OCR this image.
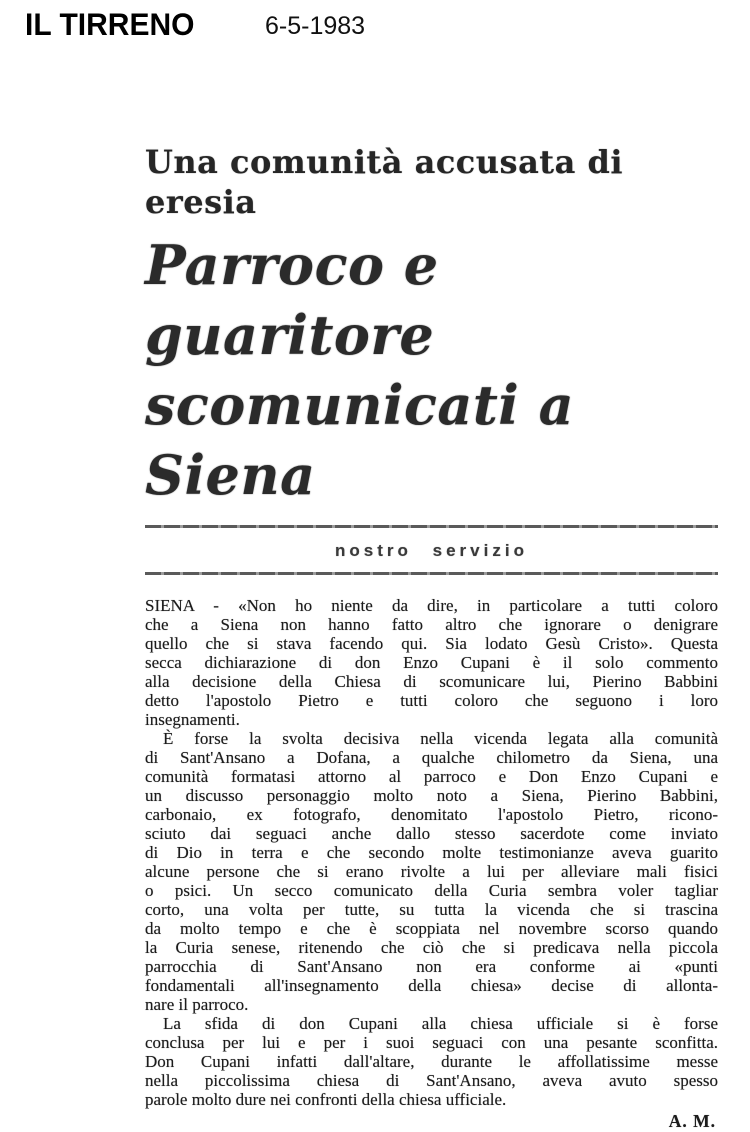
IL TIRRENO	6-5-1983
Una comunità accusata di eresia
Parroco e guaritore
scomunicati a Siena
nostro servizio

SIENA - «Non ho niente da dire, in particolare a tutti coloro
che a Siena non hanno fatto altro che ignorare o denigrare
quello che si stava facendo qui. Sia lodato Gesù Cristo». Questa
secca dichiarazione di don Enzo Cupani è il solo commento
alla decisione della Chiesa di scomunicare lui, Pierino Babbini
detto l'apostolo Pietro e tutti coloro che seguono i loro
insegnamenti.

È forse la svolta decisiva nella vicenda legata alla comunità
di Sant'Ansano a Dofana, a qualche chilometro da Siena, una
comunità formatasi attorno al parroco e Don Enzo Cupani e
un discusso personaggio molto noto a Siena, Pierino Babbini,
carbonaio, ex fotografo, denomitato l'apostolo Pietro, ricono-
sciuto dai seguaci anche dallo stesso sacerdote come inviato
di Dio in terra e che secondo molte testimonianze aveva guarito
alcune persone che si erano rivolte a lui per alleviare mali fisici
o psici. Un secco comunicato della Curia sembra voler tagliar
corto, una volta per tutte, su tutta la vicenda che si trascina
da molto tempo e che è scoppiata nel novembre scorso quando
la Curia senese, ritenendo che ciò che si predicava nella piccola
parrocchia di Sant'Ansano non era conforme ai «punti
fondamentali all'insegnamento della chiesa» decise di allonta-
nare il parroco.

La sfida di don Cupani alla chiesa ufficiale si è forse
conclusa per lui e per i suoi seguaci con una pesante sconfitta.
Don Cupani infatti dall'altare, durante le affollatissime messe
nella piccolissima chiesa di Sant'Ansano, aveva avuto spesso
parole molto dure nei confronti della chiesa ufficiale.

A. M.
